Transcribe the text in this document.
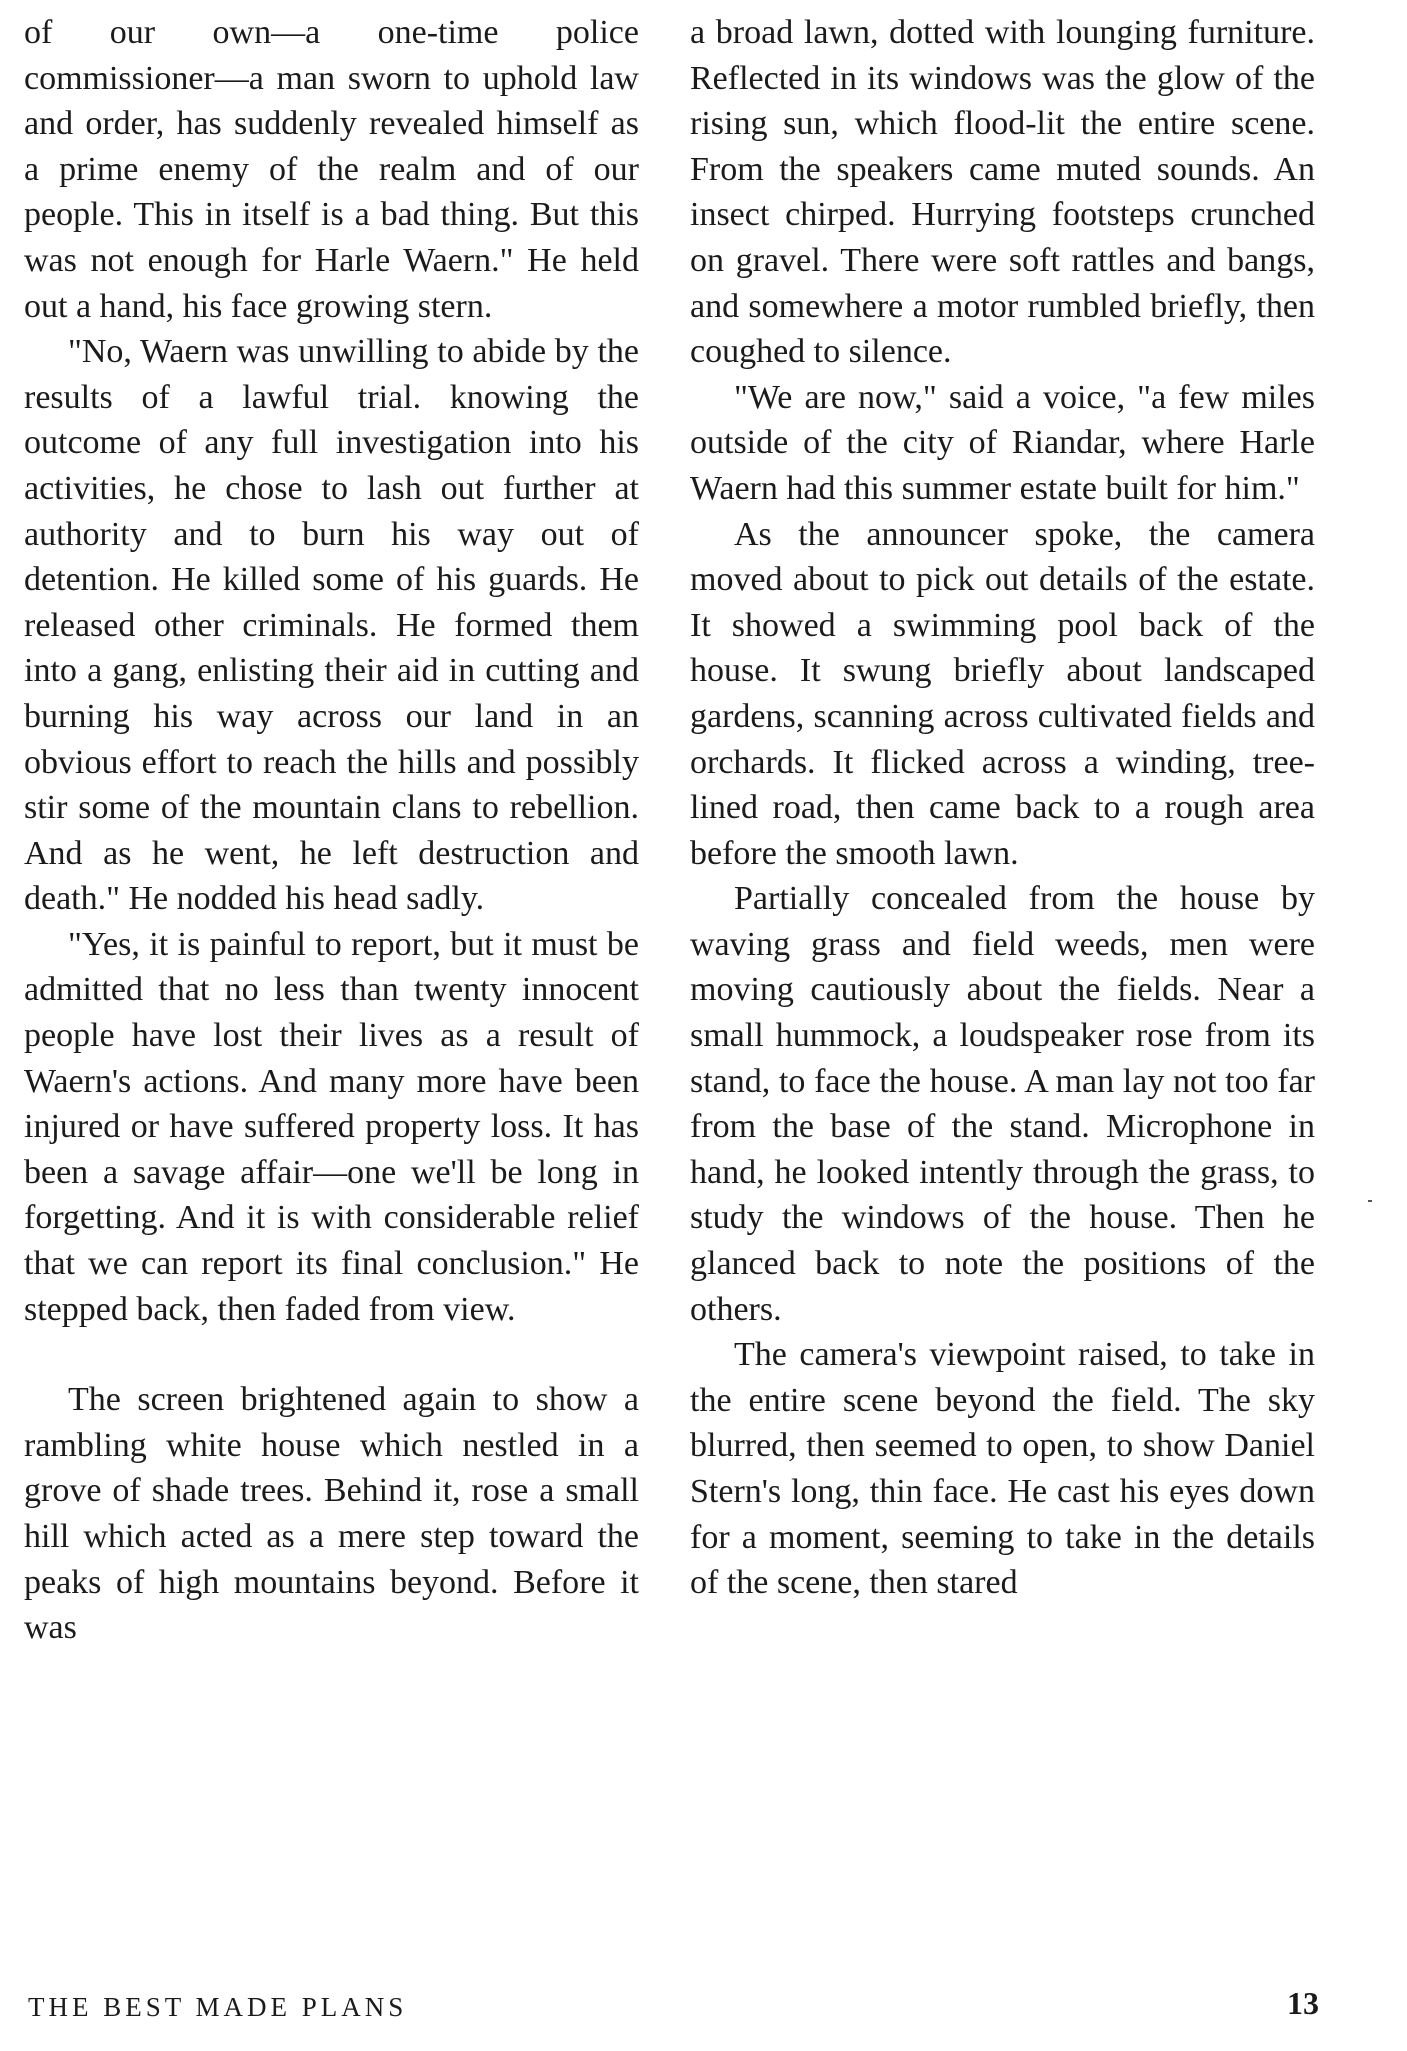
of our own—a one-time police commissioner—a man sworn to uphold law and order, has suddenly revealed himself as a prime enemy of the realm and of our people. This in itself is a bad thing. But this was not enough for Harle Waern." He held out a hand, his face growing stern.

"No, Waern was unwilling to abide by the results of a lawful trial. knowing the outcome of any full investigation into his activities, he chose to lash out further at authority and to burn his way out of detention. He killed some of his guards. He released other criminals. He formed them into a gang, enlisting their aid in cutting and burning his way across our land in an obvious effort to reach the hills and possibly stir some of the mountain clans to rebellion. And as he went, he left destruction and death." He nodded his head sadly.

"Yes, it is painful to report, but it must be admitted that no less than twenty innocent people have lost their lives as a result of Waern's actions. And many more have been injured or have suffered property loss. It has been a savage affair—one we'll be long in forgetting. And it is with considerable relief that we can report its final conclusion." He stepped back, then faded from view.

The screen brightened again to show a rambling white house which nestled in a grove of shade trees. Behind it, rose a small hill which acted as a mere step toward the peaks of high mountains beyond. Before it was

a broad lawn, dotted with lounging furniture. Reflected in its windows was the glow of the rising sun, which flood-lit the entire scene. From the speakers came muted sounds. An insect chirped. Hurrying footsteps crunched on gravel. There were soft rattles and bangs, and somewhere a motor rumbled briefly, then coughed to silence.

"We are now," said a voice, "a few miles outside of the city of Riandar, where Harle Waern had this summer estate built for him."

As the announcer spoke, the camera moved about to pick out details of the estate. It showed a swimming pool back of the house. It swung briefly about landscaped gardens, scanning across cultivated fields and orchards. It flicked across a winding, tree-lined road, then came back to a rough area before the smooth lawn.

Partially concealed from the house by waving grass and field weeds, men were moving cautiously about the fields. Near a small hummock, a loudspeaker rose from its stand, to face the house. A man lay not too far from the base of the stand. Microphone in hand, he looked intently through the grass, to study the windows of the house. Then he glanced back to note the positions of the others.

The camera's viewpoint raised, to take in the entire scene beyond the field. The sky blurred, then seemed to open, to show Daniel Stern's long, thin face. He cast his eyes down for a moment, seeming to take in the details of the scene, then stared

THE BEST MADE PLANS	13
